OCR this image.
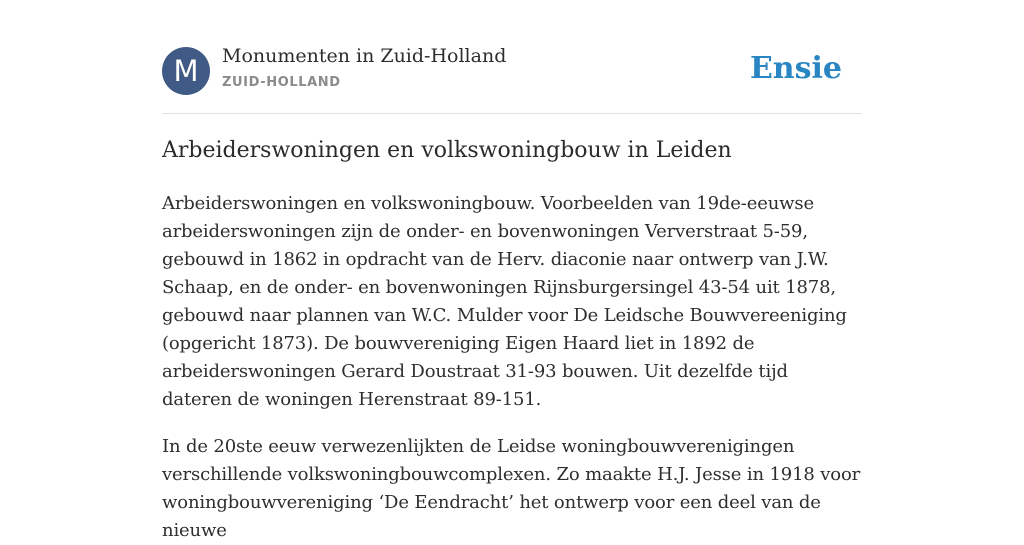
M	Monumenten in Zuid-Holland
ZUID-HOLLAND	Ensie
Arbeiderswoningen en volkswoningbouw in Leiden

Arbeiderswoningen en volkswoningbouw. Voorbeelden van 19de-eeuwse arbeiderswoningen zijn de onder- en bovenwoningen Ververstraat 5-59, gebouwd in 1862 in opdracht van de Herv. diaconie naar ontwerp van J.W. Schaap, en de onder- en bovenwoningen Rijnsburgersingel 43-54 uit 1878, gebouwd naar plannen van W.C. Mulder voor De Leidsche Bouwvereeniging (opgericht 1873). De bouwvereniging Eigen Haard liet in 1892 de arbeiderswoningen Gerard Doustraat 31-93 bouwen. Uit dezelfde tijd dateren de woningen Herenstraat 89-151.

In de 20ste eeuw verwezenlijkten de Leidse woningbouwverenigingen verschillende volkswoningbouwcomplexen. Zo maakte H.J. Jesse in 1918 voor woningbouwvereniging ‘De Eendracht’ het ontwerp voor een deel van de nieuwe
